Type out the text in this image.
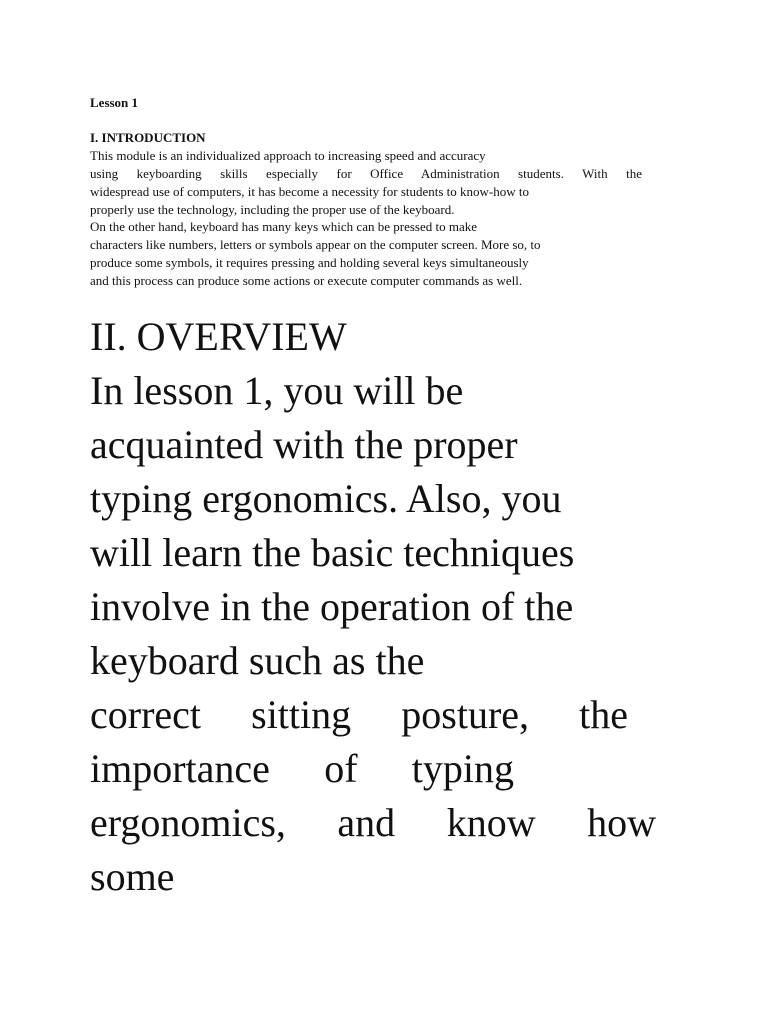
Lesson 1

I. INTRODUCTION

This module is an individualized approach to increasing speed and accuracy

using keyboarding skills especially for Office Administration students. With the

widespread use of computers, it has become a necessity for students to know-how to

properly use the technology, including the proper use of the keyboard.

On the other hand, keyboard has many keys which can be pressed to make

characters like numbers, letters or symbols appear on the computer screen. More so, to

produce some symbols, it requires pressing and holding several keys simultaneously

and this process can produce some actions or execute computer commands as well.

II. OVERVIEW

In lesson 1, you will be

acquainted with the proper

typing ergonomics. Also, you

will learn the basic techniques

involve in the operation of the

keyboard such as the

correct sitting posture, the

importance of typing

ergonomics, and know how

some
